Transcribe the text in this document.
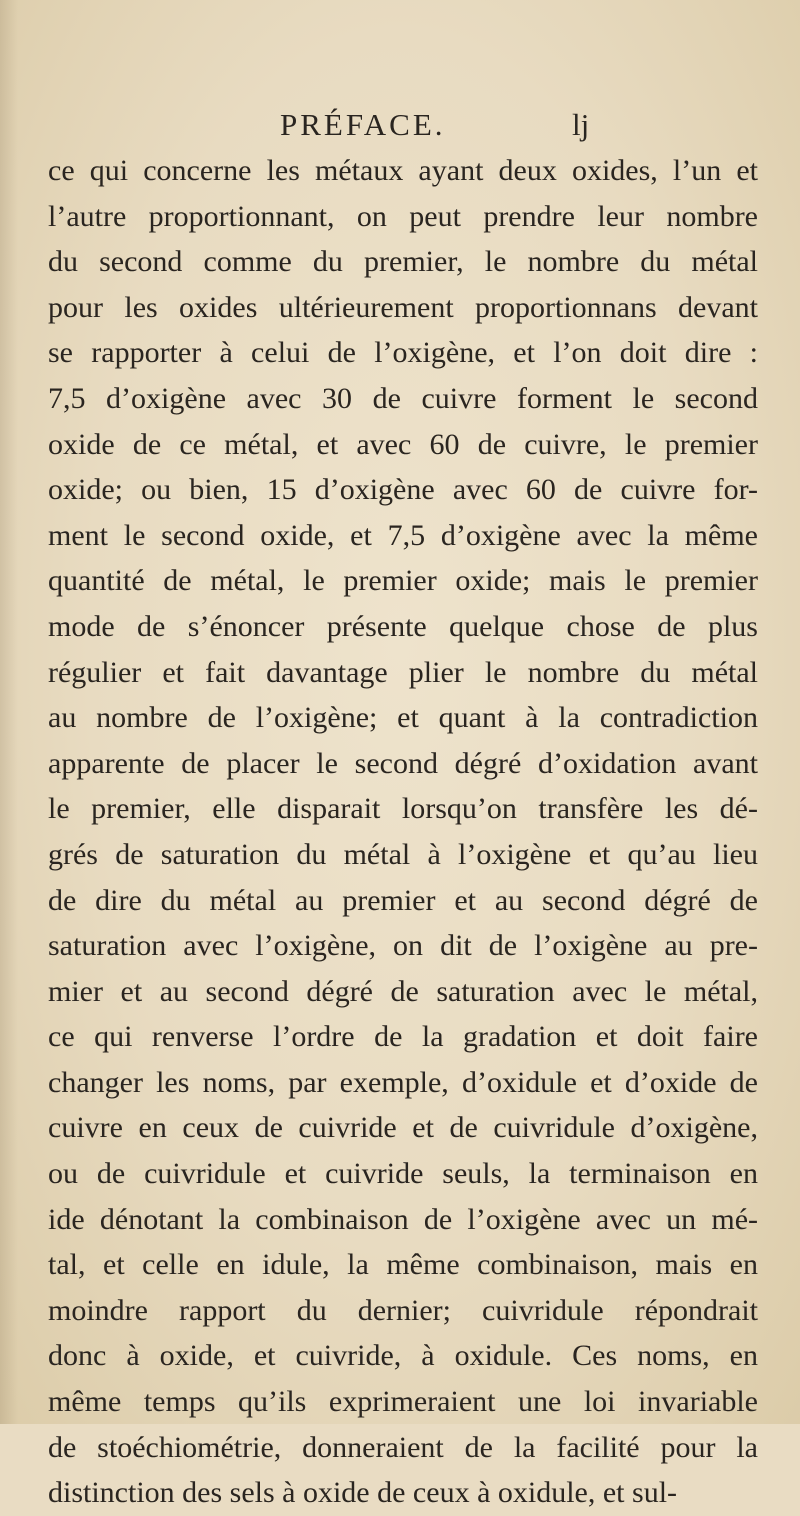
PRÉFACE.	lj
ce qui concerne les métaux ayant deux oxides, l’un et
l’autre proportionnant, on peut prendre leur nombre
du second comme du premier, le nombre du métal
pour les oxides ultérieurement proportionnans devant
se rapporter à celui de l’oxigène, et l’on doit dire :
7,5 d’oxigène avec 30 de cuivre forment le second
oxide de ce métal, et avec 60 de cuivre, le premier
oxide; ou bien, 15 d’oxigène avec 60 de cuivre for-
ment le second oxide, et 7,5 d’oxigène avec la même
quantité de métal, le premier oxide; mais le premier
mode de s’énoncer présente quelque chose de plus
régulier et fait davantage plier le nombre du métal
au nombre de l’oxigène; et quant à la contradiction
apparente de placer le second dégré d’oxidation avant
le premier, elle disparait lorsqu’on transfère les dé-
grés de saturation du métal à l’oxigène et qu’au lieu
de dire du métal au premier et au second dégré de
saturation avec l’oxigène, on dit de l’oxigène au pre-
mier et au second dégré de saturation avec le métal,
ce qui renverse l’ordre de la gradation et doit faire
changer les noms, par exemple, d’oxidule et d’oxide de
cuivre en ceux de cuivride et de cuivridule d’oxigène,
ou de cuivridule et cuivride seuls, la terminaison en
ide dénotant la combinaison de l’oxigène avec un mé-
tal, et celle en idule, la même combinaison, mais en
moindre rapport du dernier; cuivridule répondrait
donc à oxide, et cuivride, à oxidule. Ces noms, en
même temps qu’ils exprimeraient une loi invariable
de stoéchiométrie, donneraient de la facilité pour la
distinction des sels à oxide de ceux à oxidule, et sul-
